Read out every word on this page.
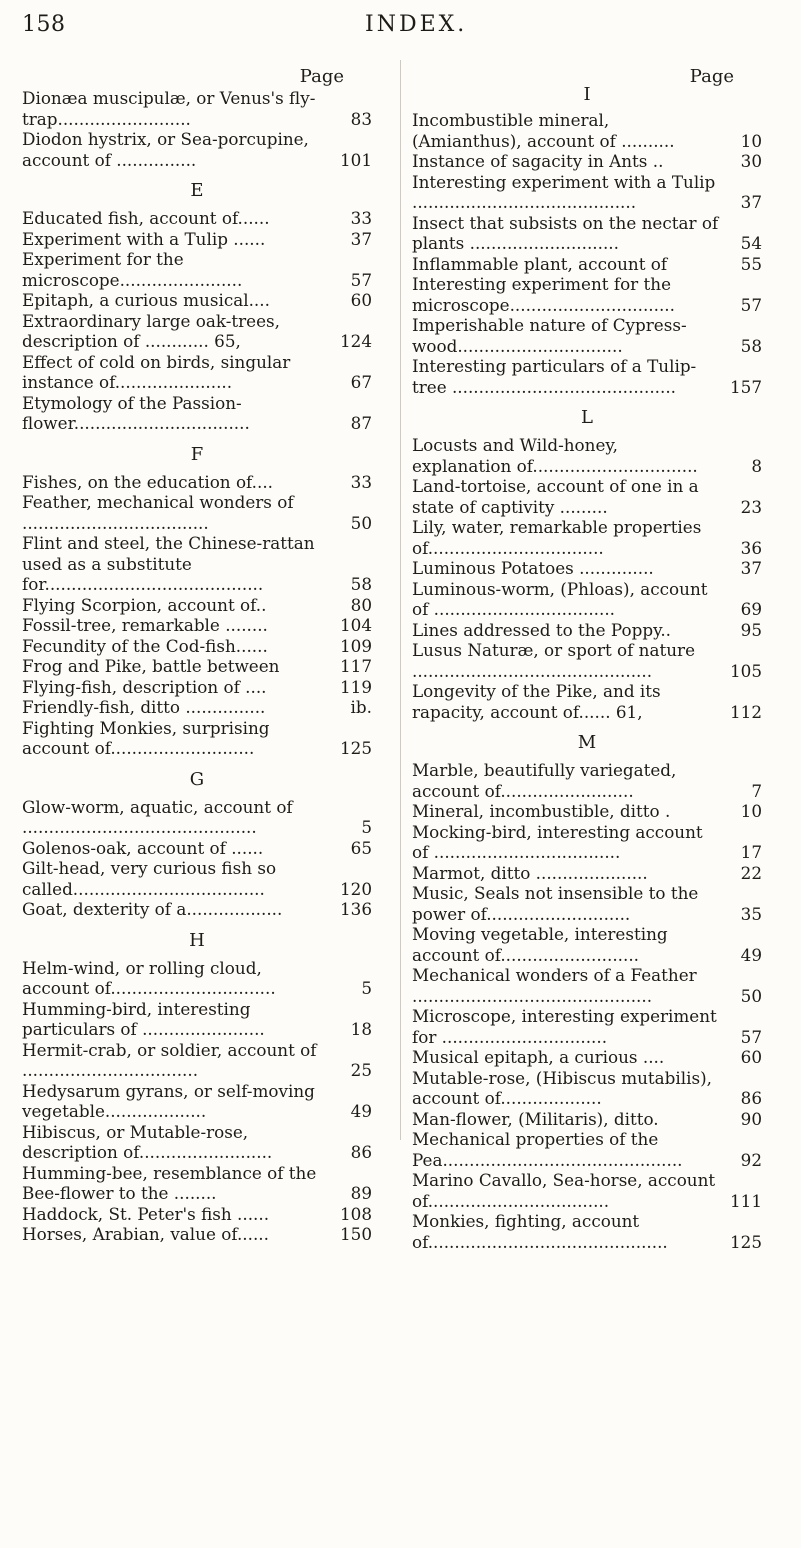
158	INDEX.
Page
Dionæa muscipulæ, or Venus's fly-trap.........................	83
Diodon hystrix, or Sea-porcupine, account of ...............	101
E
Educated fish, account of......	33
Experiment with a Tulip ......	37
Experiment for the microscope.......................	57
Epitaph, a curious musical....	60
Extraordinary large oak-trees, description of ............ 65,	124
Effect of cold on birds, singular instance of......................	67
Etymology of the Passion-flower.................................	87
F
Fishes, on the education of....	33
Feather, mechanical wonders of ...................................	50
Flint and steel, the Chinese-rattan used as a substitute for.........................................	58
Flying Scorpion, account of..	80
Fossil-tree, remarkable ........	104
Fecundity of the Cod-fish......	109
Frog and Pike, battle between	117
Flying-fish, description of ....	119
Friendly-fish, ditto ...............	ib.
Fighting Monkies, surprising account of...........................	125
G
Glow-worm, aquatic, account of ............................................	5
Golenos-oak, account of ......	65
Gilt-head, very curious fish so called....................................	120
Goat, dexterity of a..................	136
H
Helm-wind, or rolling cloud, account of...............................	5
Humming-bird, interesting particulars of .......................	18
Hermit-crab, or soldier, account of .................................	25
Hedysarum gyrans, or self-moving vegetable...................	49
Hibiscus, or Mutable-rose, description of.........................	86
Humming-bee, resemblance of the Bee-flower to the ........	89
Haddock, St. Peter's fish ......	108
Horses, Arabian, value of......	150
Page
I
Incombustible mineral, (Amianthus), account of ..........	10
Instance of sagacity in Ants ..	30
Interesting experiment with a Tulip ..........................................	37
Insect that subsists on the nectar of plants ............................	54
Inflammable plant, account of	55
Interesting experiment for the microscope...............................	57
Imperishable nature of Cypress-wood...............................	58
Interesting particulars of a Tulip-tree ..........................................	157
L
Locusts and Wild-honey, explanation of...............................	8
Land-tortoise, account of one in a state of captivity .........	23
Lily, water, remarkable properties of.................................	36
Luminous Potatoes ..............	37
Luminous-worm, (Phloas), account of ..................................	69
Lines addressed to the Poppy..	95
Lusus Naturæ, or sport of nature .............................................	105
Longevity of the Pike, and its rapacity, account of...... 61,	112
M
Marble, beautifully variegated, account of.........................	7
Mineral, incombustible, ditto .	10
Mocking-bird, interesting account of ...................................	17
Marmot, ditto .....................	22
Music, Seals not insensible to the power of...........................	35
Moving vegetable, interesting account of..........................	49
Mechanical wonders of a Feather .............................................	50
Microscope, interesting experiment for ...............................	57
Musical epitaph, a curious ....	60
Mutable-rose, (Hibiscus mutabilis), account of...................	86
Man-flower, (Militaris), ditto.	90
Mechanical properties of the Pea.............................................	92
Marino Cavallo, Sea-horse, account of..................................	111
Monkies, fighting, account of.............................................	125
